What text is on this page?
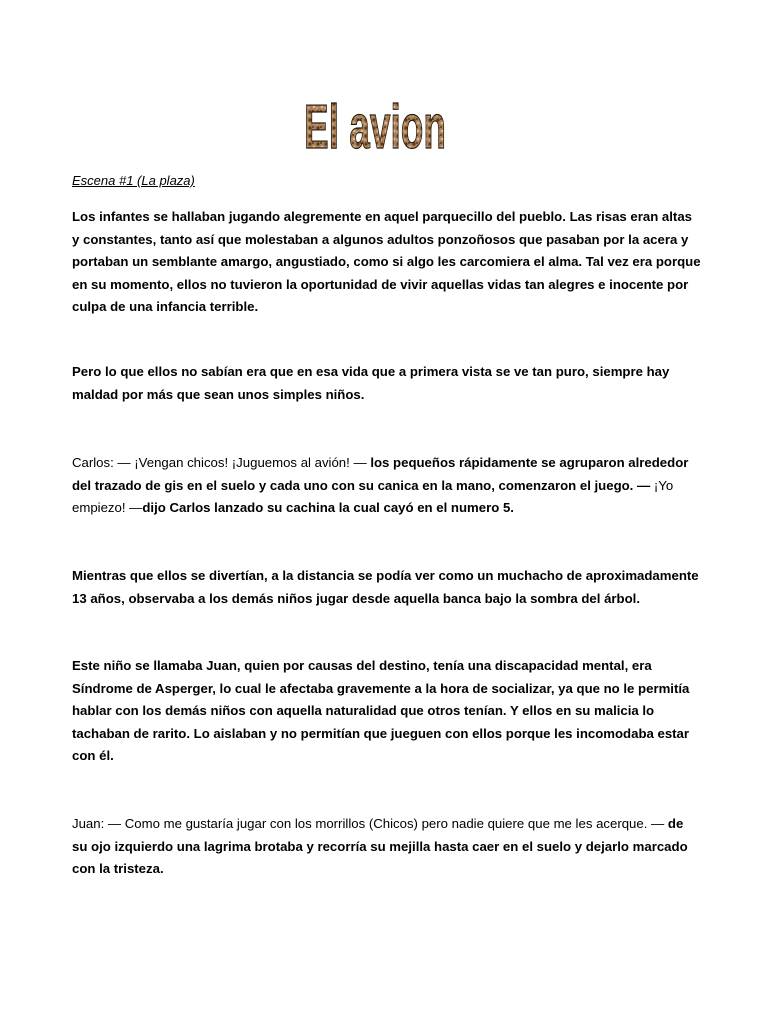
El avion

Escena #1 (La plaza)

Los infantes se hallaban jugando alegremente en aquel parquecillo del pueblo. Las risas eran altas y constantes, tanto así que molestaban a algunos adultos ponzoñosos que pasaban por la acera y portaban un semblante amargo, angustiado, como si algo les carcomiera el alma. Tal vez era porque en su momento, ellos no tuvieron la oportunidad de vivir aquellas vidas tan alegres e inocente por culpa de una infancia terrible.

Pero lo que ellos no sabían era que en esa vida que a primera vista se ve tan puro, siempre hay maldad por más que sean unos simples niños.

Carlos: — ¡Vengan chicos! ¡Juguemos al avión! — los pequeños rápidamente se agruparon alrededor del trazado de gis en el suelo y cada uno con su canica en la mano, comenzaron el juego. — ¡Yo empiezo! —dijo Carlos lanzado su cachina la cual cayó en el numero 5.

Mientras que ellos se divertían, a la distancia se podía ver como un muchacho de aproximadamente 13 años, observaba a los demás niños jugar desde aquella banca bajo la sombra del árbol.

Este niño se llamaba Juan, quien por causas del destino, tenía una discapacidad mental, era Síndrome de Asperger, lo cual le afectaba gravemente a la hora de socializar, ya que no le permitía hablar con los demás niños con aquella naturalidad que otros tenían. Y ellos en su malicia lo tachaban de rarito. Lo aislaban y no permitían que jueguen con ellos porque les incomodaba estar con él.

Juan: — Como me gustaría jugar con los morrillos (Chicos) pero nadie quiere que me les acerque. — de su ojo izquierdo una lagrima brotaba y recorría su mejilla hasta caer en el suelo y dejarlo marcado con la tristeza.
